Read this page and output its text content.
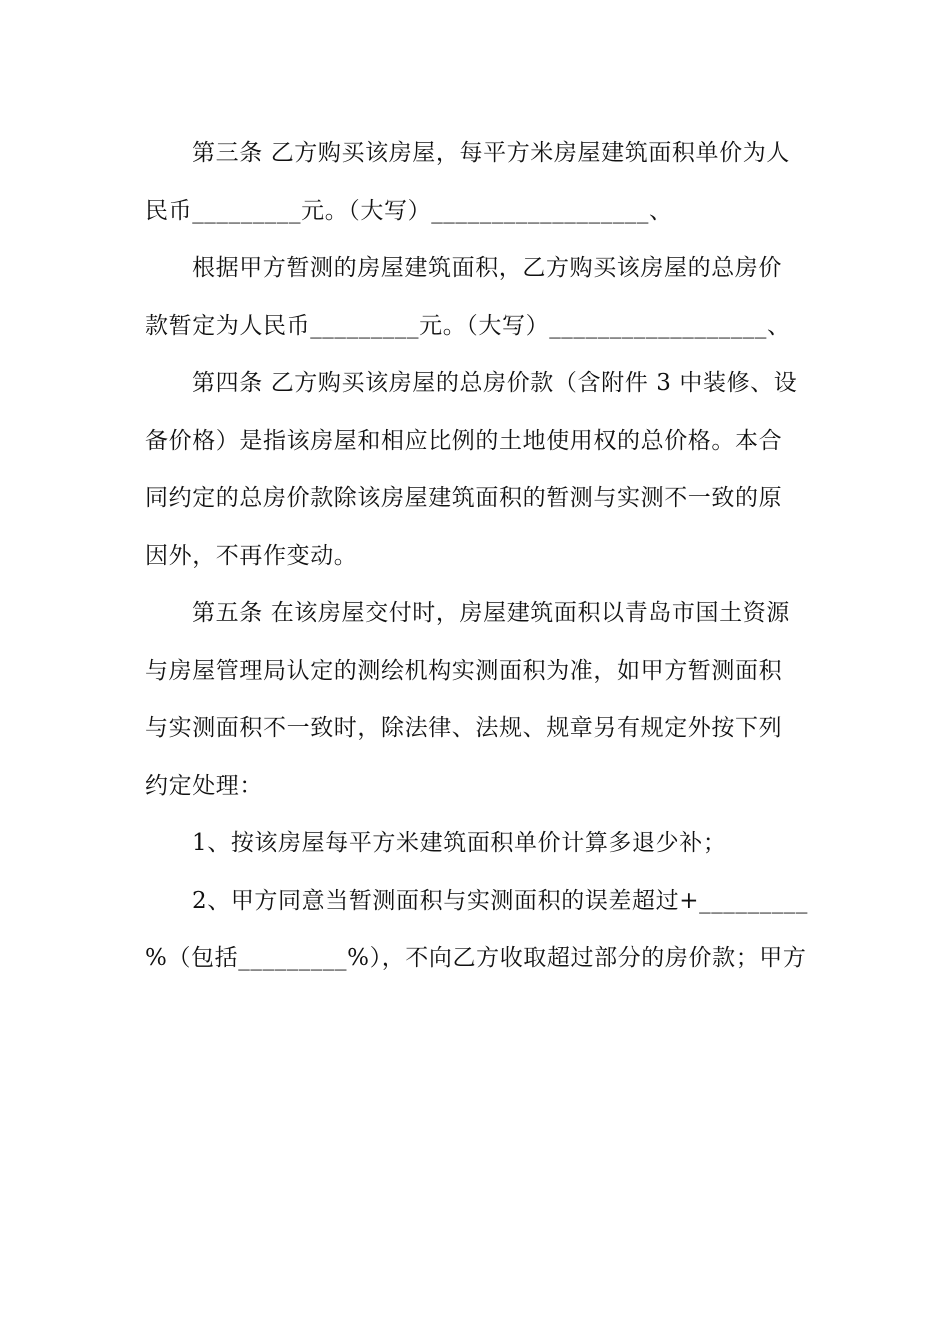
第三条 乙方购买该房屋，每平方米房屋建筑面积单价为人
民币_________元。（大写）__________________、
根据甲方暂测的房屋建筑面积，乙方购买该房屋的总房价
款暂定为人民币_________元。（大写）__________________、
第四条 乙方购买该房屋的总房价款（含附件 3 中装修、设
备价格）是指该房屋和相应比例的土地使用权的总价格。本合
同约定的总房价款除该房屋建筑面积的暂测与实测不一致的原
因外，不再作变动。
第五条 在该房屋交付时，房屋建筑面积以青岛市国土资源
与房屋管理局认定的测绘机构实测面积为准，如甲方暂测面积
与实测面积不一致时，除法律、法规、规章另有规定外按下列
约定处理：
1、按该房屋每平方米建筑面积单价计算多退少补；
2、甲方同意当暂测面积与实测面积的误差超过+_________
%（包括_________%），不向乙方收取超过部分的房价款；甲方
